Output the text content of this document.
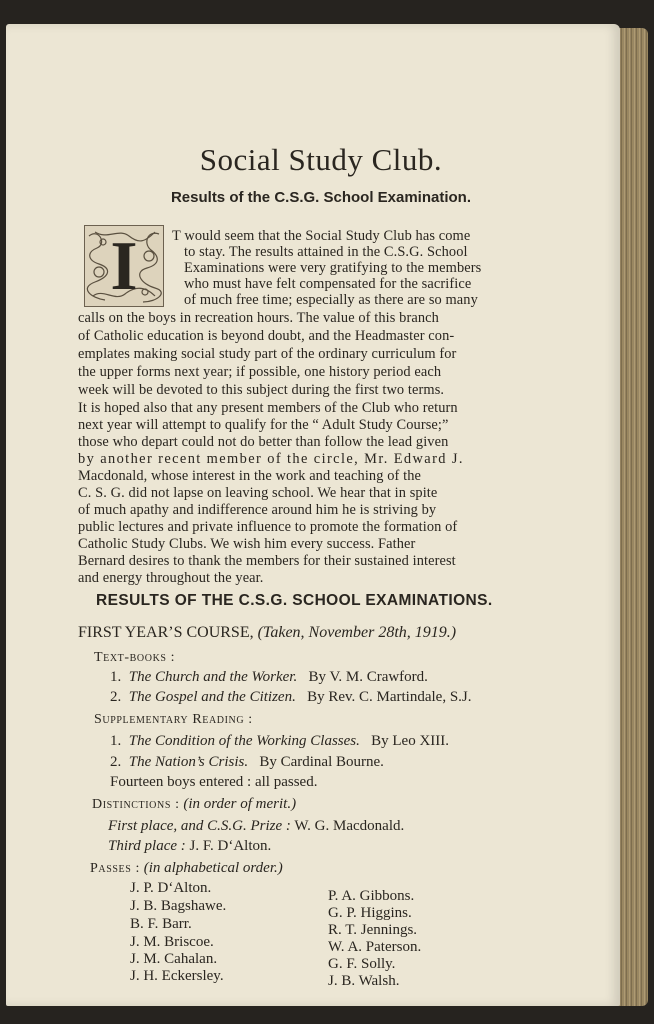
Social Study Club.
Results of the C.S.G. School Examination.
I	T would seem that the Social Study Club has come
to stay. The results attained in the C.S.G. School
Examinations were very gratifying to the members
who must have felt compensated for the sacrifice
of much free time; especially as there are so many
calls on the boys in recreation hours. The value of this branch
of Catholic education is beyond doubt, and the Headmaster con-
emplates making social study part of the ordinary curriculum for
the upper forms next year; if possible, one history period each
week will be devoted to this subject during the first two terms.
It is hoped also that any present members of the Club who return
next year will attempt to qualify for the “ Adult Study Course;”
those who depart could not do better than follow the lead given
by another recent member of the circle, Mr. Edward J.
Macdonald, whose interest in the work and teaching of the
C. S. G. did not lapse on leaving school. We hear that in spite
of much apathy and indifference around him he is striving by
public lectures and private influence to promote the formation of
Catholic Study Clubs. We wish him every success. Father
Bernard desires to thank the members for their sustained interest
and energy throughout the year.
RESULTS OF THE C.S.G. SCHOOL EXAMINATIONS.
FIRST YEAR’S COURSE, (Taken, November 28th, 1919.)
Text-books :
1. The Church and the Worker. By V. M. Crawford.
2. The Gospel and the Citizen. By Rev. C. Martindale, S.J.
Supplementary Reading :
1. The Condition of the Working Classes. By Leo XIII.
2. The Nation’s Crisis. By Cardinal Bourne.
Fourteen boys entered : all passed.
Distinctions : (in order of merit.)
First place, and C.S.G. Prize : W. G. Macdonald.
Third place : J. F. D‘Alton.
Passes : (in alphabetical order.)
J. P. D‘Alton.
J. B. Bagshawe.
B. F. Barr.
J. M. Briscoe.
J. M. Cahalan.
J. H. Eckersley.
P. A. Gibbons.
G. P. Higgins.
R. T. Jennings.
W. A. Paterson.
G. F. Solly.
J. B. Walsh.
